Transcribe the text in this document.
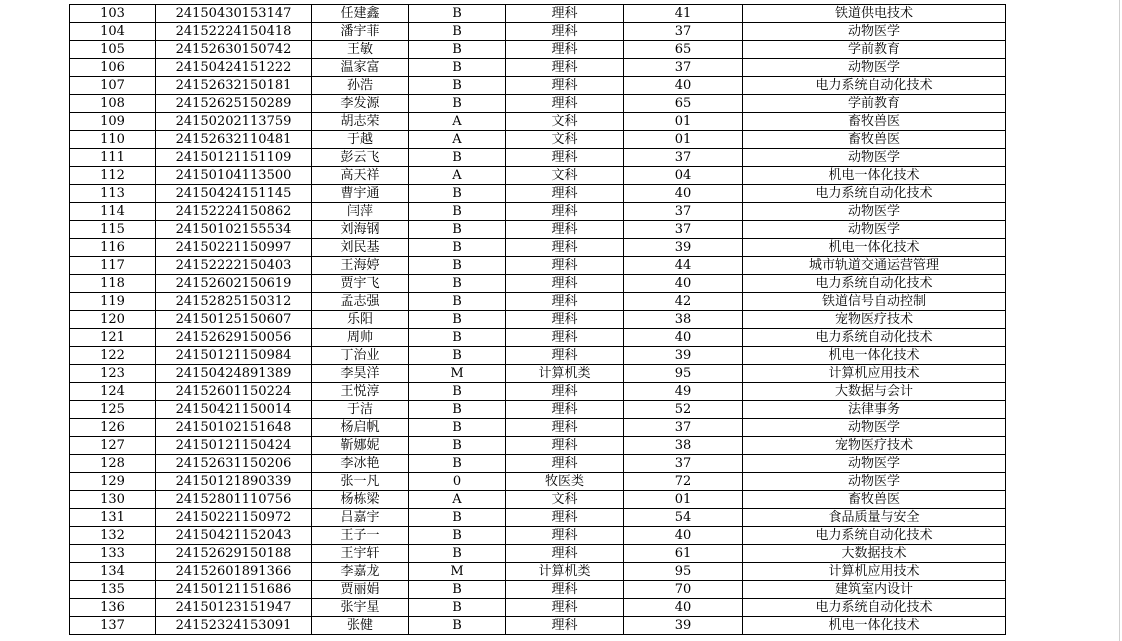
103	24150430153147	任建鑫	B	理科	41	铁道供电技术
104	24152224150418	潘宇菲	B	理科	37	动物医学
105	24152630150742	王敏	B	理科	65	学前教育
106	24150424151222	温家富	B	理科	37	动物医学
107	24152632150181	孙浩	B	理科	40	电力系统自动化技术
108	24152625150289	李发源	B	理科	65	学前教育
109	24150202113759	胡志荣	A	文科	01	畜牧兽医
110	24152632110481	于越	A	文科	01	畜牧兽医
111	24150121151109	彭云飞	B	理科	37	动物医学
112	24150104113500	高天祥	A	文科	04	机电一体化技术
113	24150424151145	曹宇通	B	理科	40	电力系统自动化技术
114	24152224150862	闫萍	B	理科	37	动物医学
115	24150102155534	刘海钢	B	理科	37	动物医学
116	24150221150997	刘民基	B	理科	39	机电一体化技术
117	24152222150403	王海婷	B	理科	44	城市轨道交通运营管理
118	24152602150619	贾宇飞	B	理科	40	电力系统自动化技术
119	24152825150312	孟志强	B	理科	42	铁道信号自动控制
120	24150125150607	乐阳	B	理科	38	宠物医疗技术
121	24152629150056	周帅	B	理科	40	电力系统自动化技术
122	24150121150984	丁治业	B	理科	39	机电一体化技术
123	24150424891389	李昊洋	M	计算机类	95	计算机应用技术
124	24152601150224	王悦淳	B	理科	49	大数据与会计
125	24150421150014	于洁	B	理科	52	法律事务
126	24150102151648	杨启帆	B	理科	37	动物医学
127	24150121150424	靳娜妮	B	理科	38	宠物医疗技术
128	24152631150206	李冰艳	B	理科	37	动物医学
129	24150121890339	张一凡	0	牧医类	72	动物医学
130	24152801110756	杨栋梁	A	文科	01	畜牧兽医
131	24150221150972	吕嘉宇	B	理科	54	食品质量与安全
132	24150421152043	王子一	B	理科	40	电力系统自动化技术
133	24152629150188	王宇轩	B	理科	61	大数据技术
134	24152601891366	李嘉龙	M	计算机类	95	计算机应用技术
135	24150121151686	贾丽娟	B	理科	70	建筑室内设计
136	24150123151947	张宇星	B	理科	40	电力系统自动化技术
137	24152324153091	张健	B	理科	39	机电一体化技术
